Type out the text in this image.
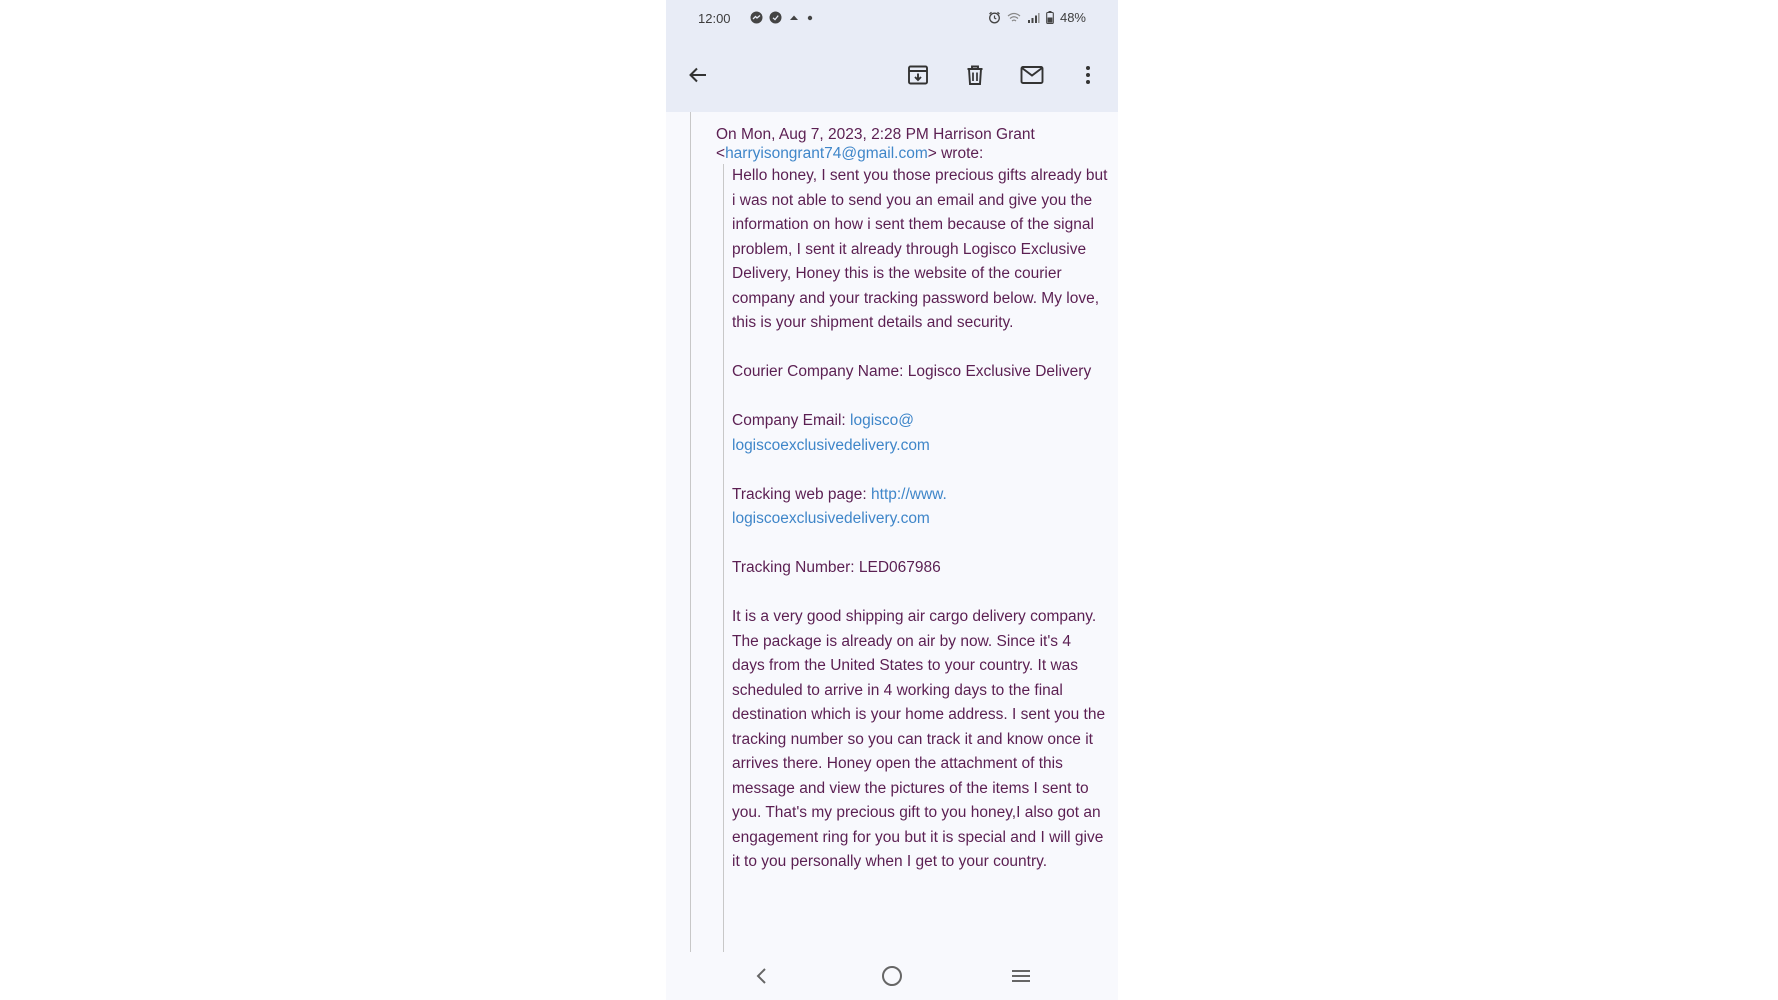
12:00	48%
On Mon, Aug 7, 2023, 2:28 PM Harrison Grant <harryisongrant74@gmail.com> wrote:

Hello honey, I sent you those precious gifts already but i was not able to send you an email and give you the information on how i sent them because of the signal problem, I sent it already through Logisco Exclusive Delivery, Honey this is the website of the courier company and your tracking password below. My love, this is your shipment details and security.

Courier Company Name: Logisco Exclusive Delivery

Company Email: logisco@ logiscoexclusivedelivery.com

Tracking web page: http://www. logiscoexclusivedelivery.com

Tracking Number: LED067986

It is a very good shipping air cargo delivery company. The package is already on air by now. Since it's 4 days from the United States to your country. It was scheduled to arrive in 4 working days to the final destination which is your home address. I sent you the tracking number so you can track it and know once it arrives there. Honey open the attachment of this message and view the pictures of the items I sent to you. That's my precious gift to you honey,I also got an engagement ring for you but it is special and I will give it to you personally when I get to your country.
